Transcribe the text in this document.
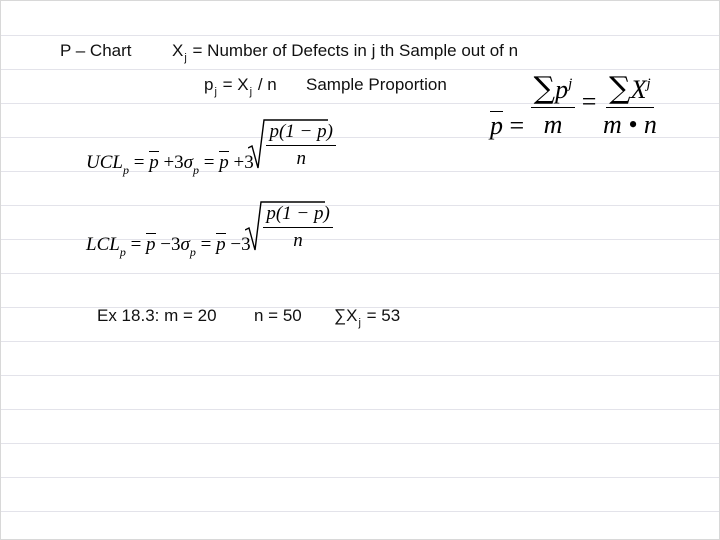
P – Chart $X_j$ = Number of Defects in j th Sample out of n
$p_j = X_j / n$ Sample Proportion
$p = \frac{\sum p^j}{m} = \frac{\sum X^j}{m • n}$
$UCL_p = p +3\sigma_p = p +3 \frac{p(1 - p)}{n}$
$LCL_p = p -3\sigma_p = p -3 \frac{p(1 - p)}{n}$
Ex 18.3: m = 20 n = 50 $\sum X_j = 53$
